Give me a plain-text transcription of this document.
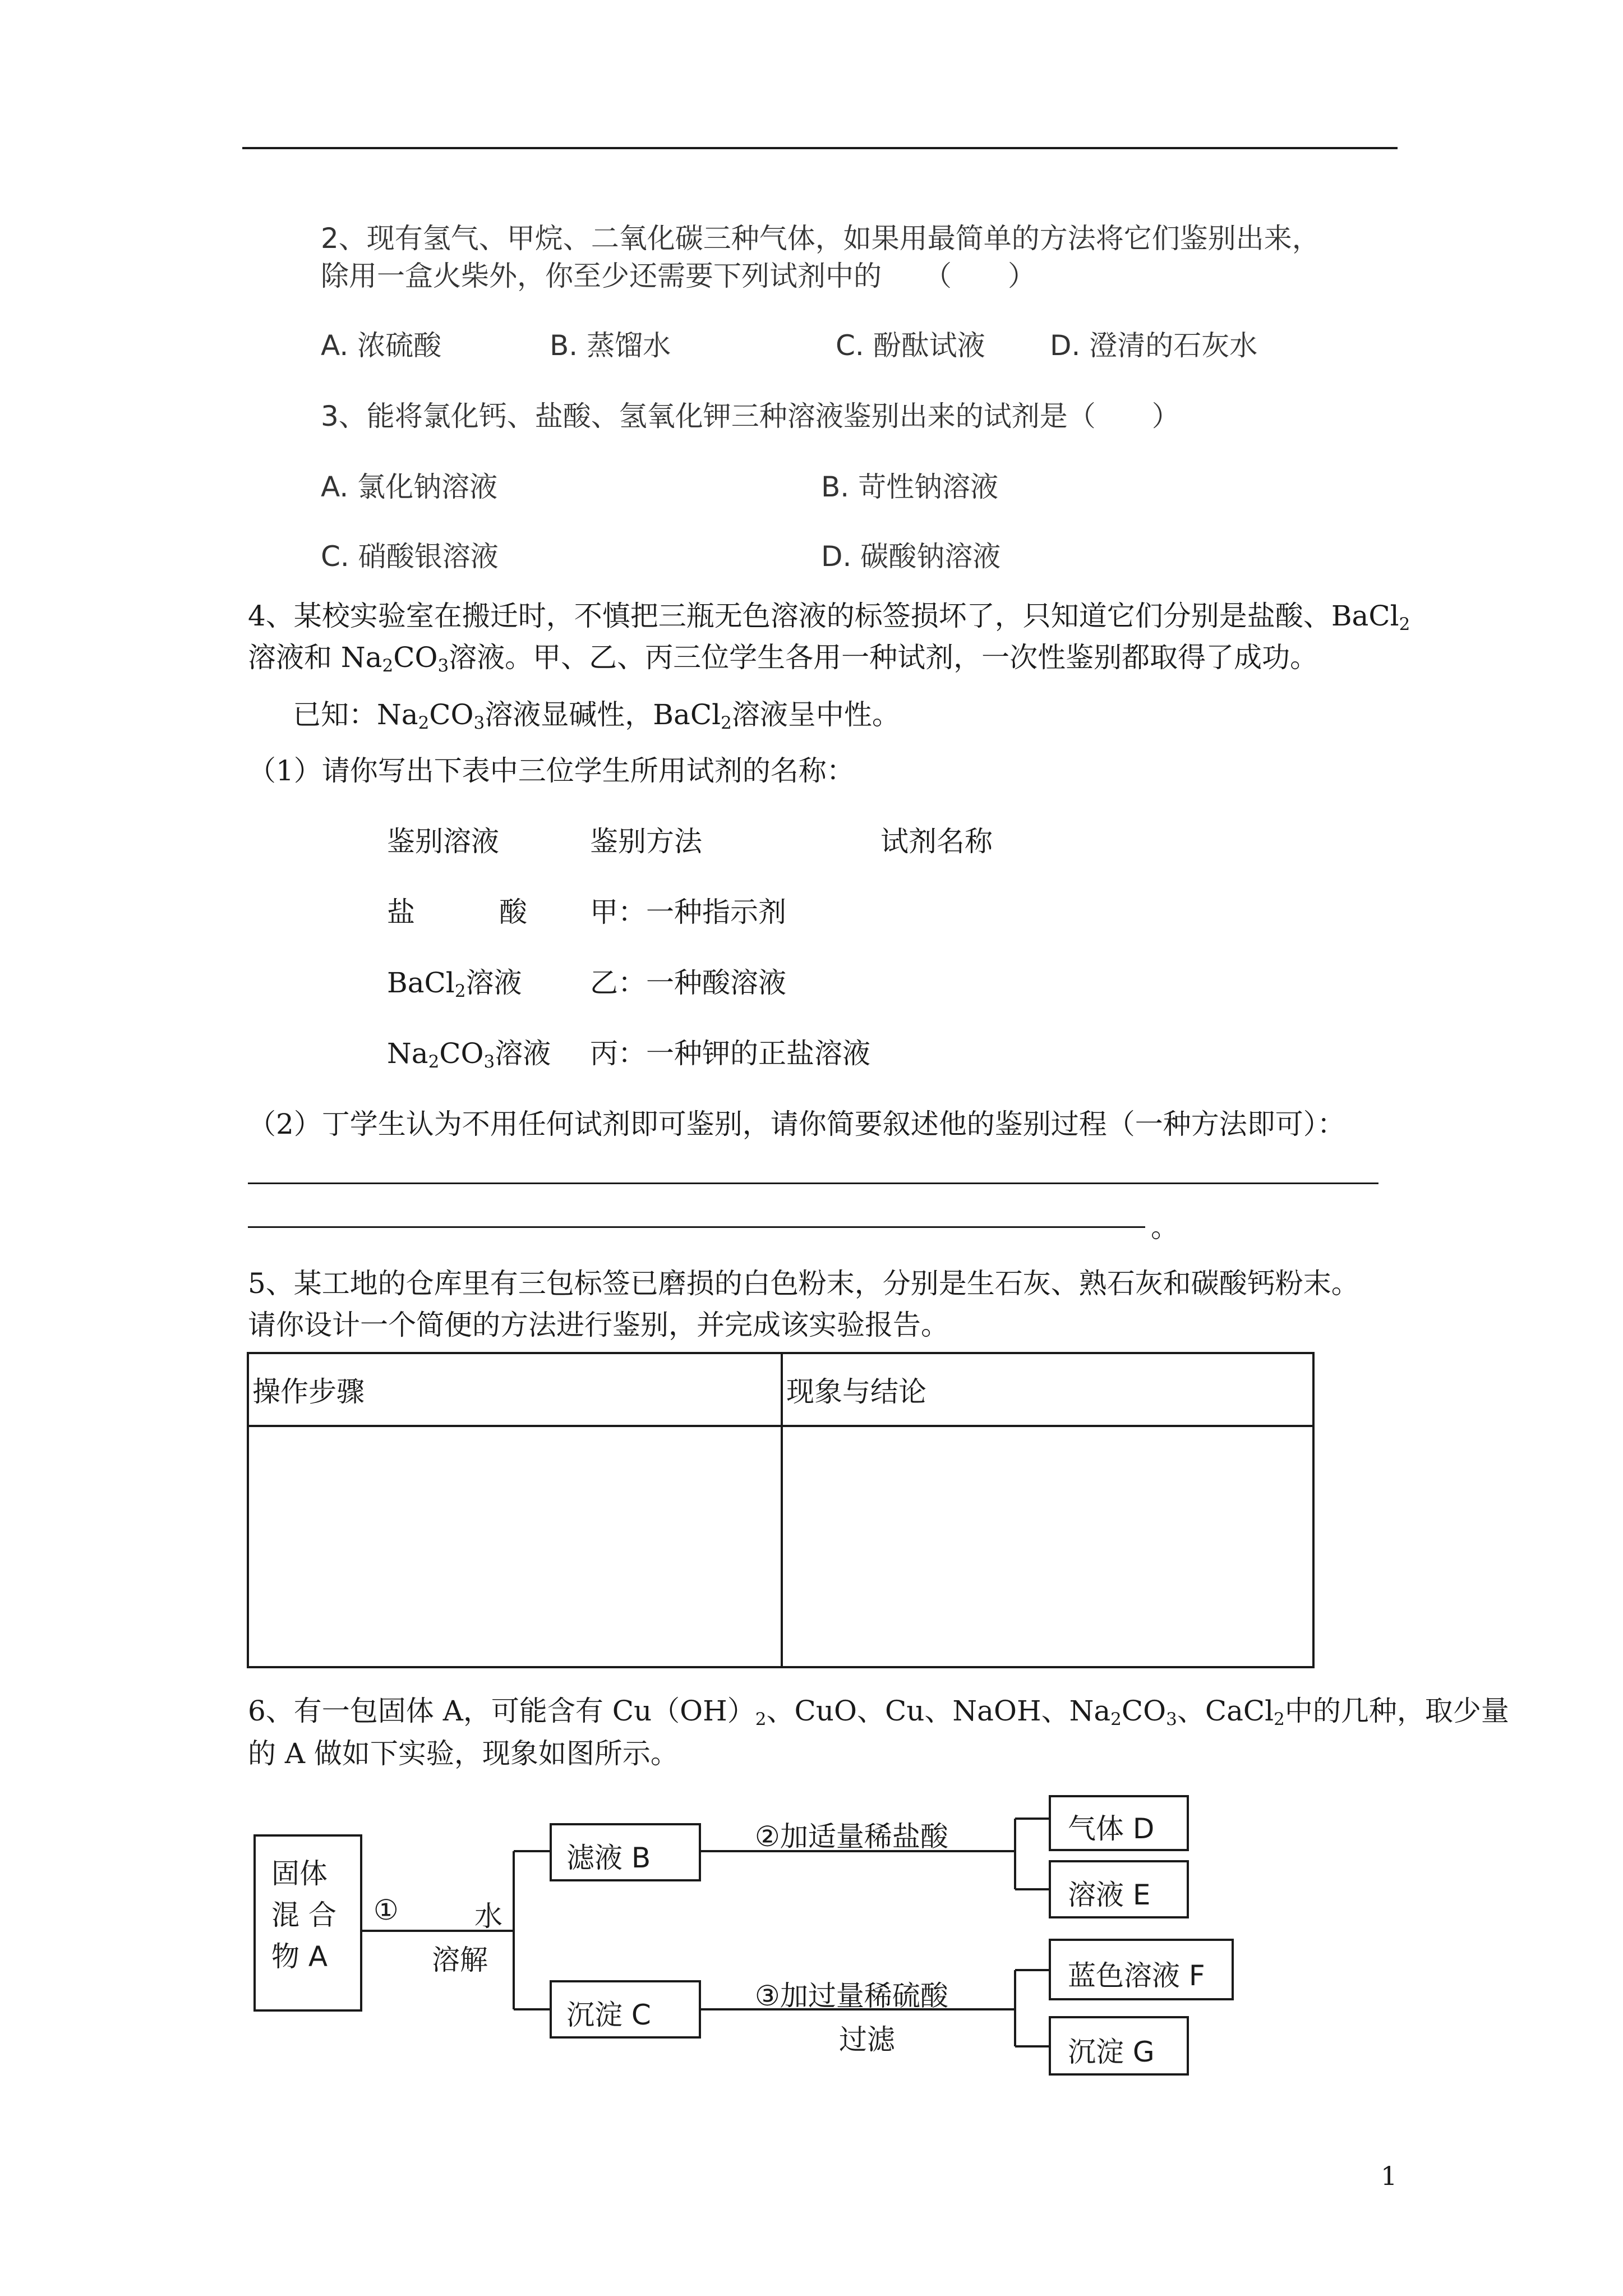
2、现有氢气、甲烷、二氧化碳三种气体，如果用最简单的方法将它们鉴别出来，
除用一盒火柴外，你至少还需要下列试剂中的　　（　　）
A. 浓硫酸	B. 蒸馏水	C. 酚酞试液 D. 澄清的石灰水
3、能将氯化钙、盐酸、氢氧化钾三种溶液鉴别出来的试剂是（　　）
A. 氯化钠溶液	B. 苛性钠溶液
C. 硝酸银溶液	D. 碳酸钠溶液
4、某校实验室在搬迁时，不慎把三瓶无色溶液的标签损坏了，只知道它们分别是盐酸、BaCl$_2$
溶液和 $Na_2CO_3$溶液。甲、乙、丙三位学生各用一种试剂，一次性鉴别都取得了成功。
已知：$Na_2CO_3$溶液显碱性，BaCl$_2$溶液呈中性。
（1）请你写出下表中三位学生所用试剂的名称：
鉴别溶液	鉴别方法	试剂名称
盐　　　酸 甲：一种指示剂
BaCl$_2$溶液 乙：一种酸溶液
$Na_2CO_3$溶液 丙：一种钾的正盐溶液
（2）丁学生认为不用任何试剂即可鉴别，请你简要叙述他的鉴别过程（一种方法即可）：
。
5、某工地的仓库里有三包标签已磨损的白色粉末，分别是生石灰、熟石灰和碳酸钙粉末。
请你设计一个简便的方法进行鉴别，并完成该实验报告。
操作步骤	现象与结论

6、有一包固体 A，可能含有 $Cu(OH)_2$、CuO、Cu、NaOH、$Na_2CO_3$、CaCl$_2$中的几种，取少量
的 A 做如下实验，现象如图所示。
固体
混 合
物 A
①	水
溶解
滤液 B
沉淀 C
②加适量稀盐酸
③加过量稀硫酸
过滤
气体 D
溶液 E
蓝色溶液 F
沉淀 G
1
